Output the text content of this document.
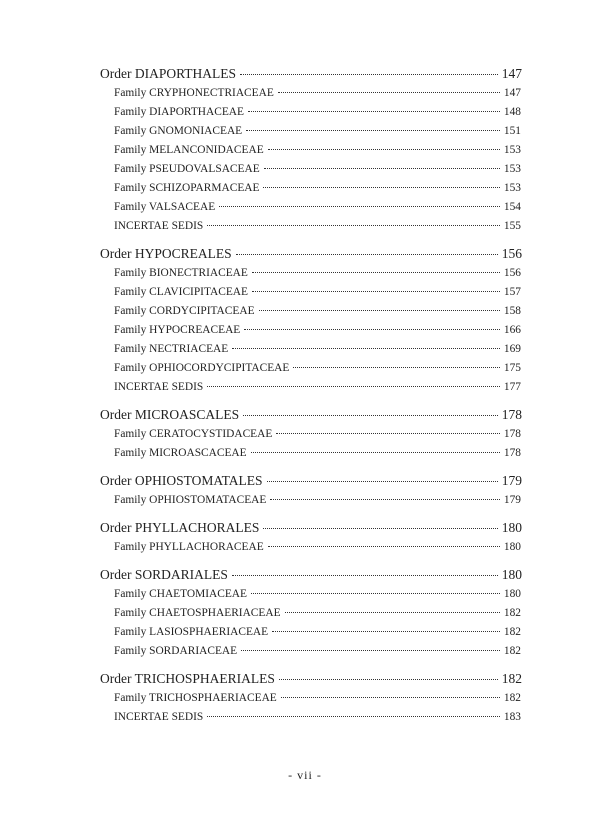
Order DIAPORTHALES	147
Family CRYPHONECTRIACEAE	147
Family DIAPORTHACEAE	148
Family GNOMONIACEAE	151
Family MELANCONIDACEAE	153
Family PSEUDOVALSACEAE	153
Family SCHIZOPARMACEAE	153
Family VALSACEAE	154
INCERTAE SEDIS	155
Order HYPOCREALES	156
Family BIONECTRIACEAE	156
Family CLAVICIPITACEAE	157
Family CORDYCIPITACEAE	158
Family HYPOCREACEAE	166
Family NECTRIACEAE	169
Family OPHIOCORDYCIPITACEAE	175
INCERTAE SEDIS	177
Order MICROASCALES	178
Family CERATOCYSTIDACEAE	178
Family MICROASCACEAE	178
Order OPHIOSTOMATALES	179
Family OPHIOSTOMATACEAE	179
Order PHYLLACHORALES	180
Family PHYLLACHORACEAE	180
Order SORDARIALES	180
Family CHAETOMIACEAE	180
Family CHAETOSPHAERIACEAE	182
Family LASIOSPHAERIACEAE	182
Family SORDARIACEAE	182
Order TRICHOSPHAERIALES	182
Family TRICHOSPHAERIACEAE	182
INCERTAE SEDIS	183
- vii -
